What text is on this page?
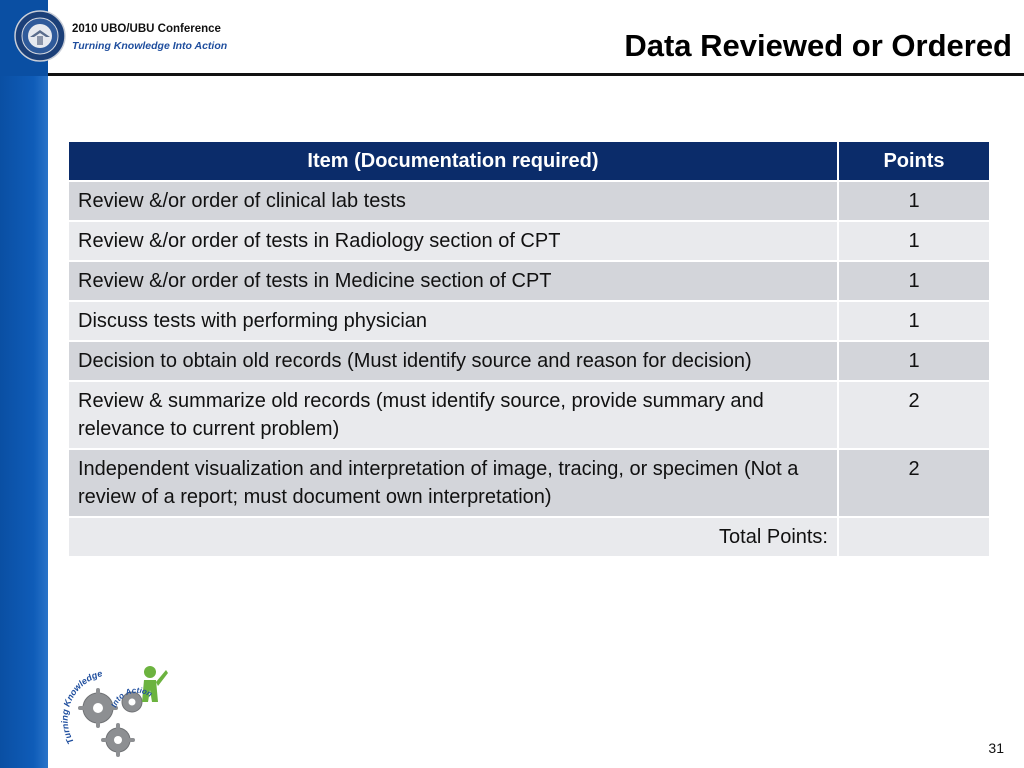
2010 UBO/UBU Conference
Turning Knowledge Into Action	Data Reviewed or Ordered
Item (Documentation required)	Points
Review &/or order of clinical lab tests	1
Review &/or order of tests in Radiology section of CPT	1
Review &/or order of tests in Medicine section of CPT	1
Discuss tests with performing physician	1
Decision to obtain old records (Must identify source and reason for decision)	1
Review & summarize old records (must identify source, provide summary and relevance to current problem)	2
Independent visualization and interpretation of image, tracing, or specimen (Not a review of a report; must document own interpretation)	2
Total Points:	
Turning Knowledge
Into Action
31
